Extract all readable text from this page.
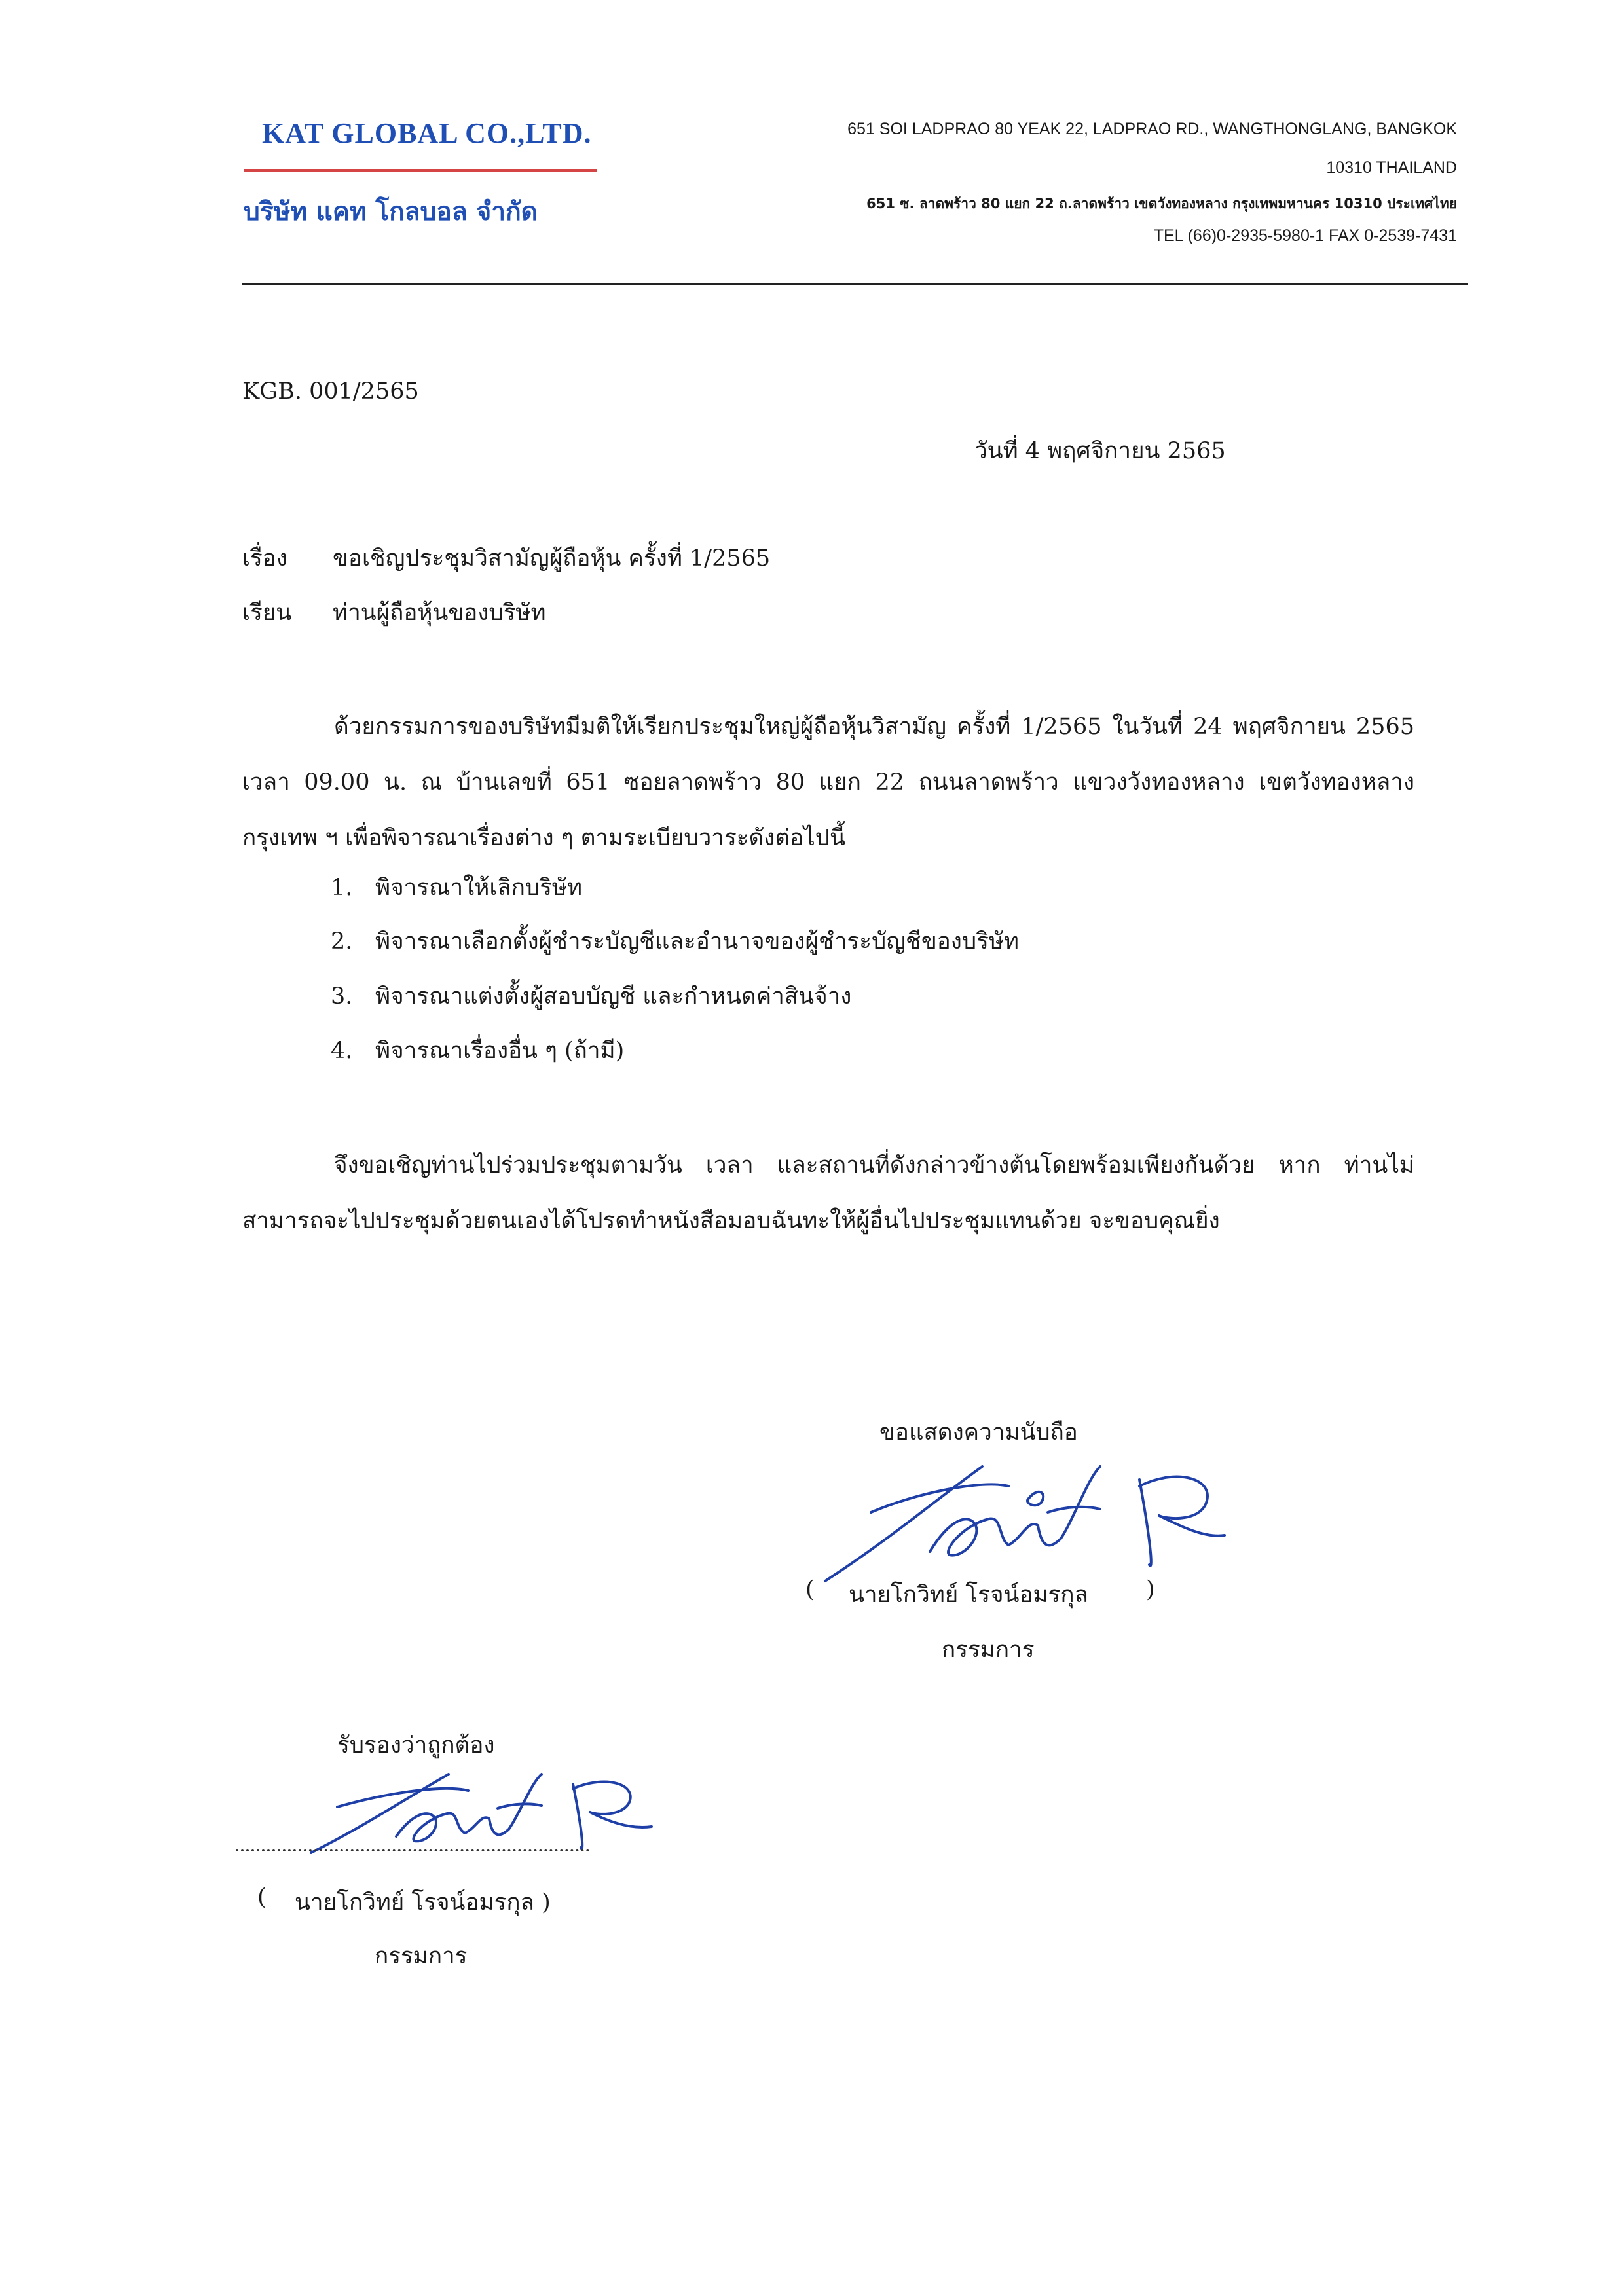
KAT GLOBAL CO.,LTD.
บริษัท แคท โกลบอล จำกัด
651 SOI LADPRAO 80 YEAK 22, LADPRAO RD., WANGTHONGLANG, BANGKOK
10310 THAILAND
651 ซ. ลาดพร้าว 80 แยก 22 ถ.ลาดพร้าว เขตวังทองหลาง กรุงเทพมหานคร 10310 ประเทศไทย
TEL (66)0-2935-5980-1 FAX 0-2539-7431
KGB. 001/2565
วันที่ 4 พฤศจิกายน 2565
เรื่อง ขอเชิญประชุมวิสามัญผู้ถือหุ้น ครั้งที่ 1/2565
เรียน ท่านผู้ถือหุ้นของบริษัท
ด้วยกรรมการของบริษัทมีมติให้เรียกประชุมใหญ่ผู้ถือหุ้นวิสามัญ ครั้งที่ 1/2565 ในวันที่ 24 พฤศจิกายน 2565 เวลา 09.00 น. ณ บ้านเลขที่ 651 ซอยลาดพร้าว 80 แยก 22 ถนนลาดพร้าว แขวงวังทองหลาง เขตวังทองหลาง กรุงเทพ ฯ เพื่อพิจารณาเรื่องต่าง ๆ ตามระเบียบวาระดังต่อไปนี้
1. พิจารณาให้เลิกบริษัท
2. พิจารณาเลือกตั้งผู้ชำระบัญชีและอำนาจของผู้ชำระบัญชีของบริษัท
3. พิจารณาแต่งตั้งผู้สอบบัญชี และกำหนดค่าสินจ้าง
4. พิจารณาเรื่องอื่น ๆ (ถ้ามี)
จึงขอเชิญท่านไปร่วมประชุมตามวัน เวลา และสถานที่ดังกล่าวข้างต้นโดยพร้อมเพียงกันด้วย หาก ท่านไม่สามารถจะไปประชุมด้วยตนเองได้โปรดทำหนังสือมอบฉันทะให้ผู้อื่นไปประชุมแทนด้วย จะขอบคุณยิ่ง
ขอแสดงความนับถือ
( นายโกวิทย์ โรจน์อมรกุล	)
กรรมการ
รับรองว่าถูกต้อง
( นายโกวิทย์ โรจน์อมรกุล )
กรรมการ
